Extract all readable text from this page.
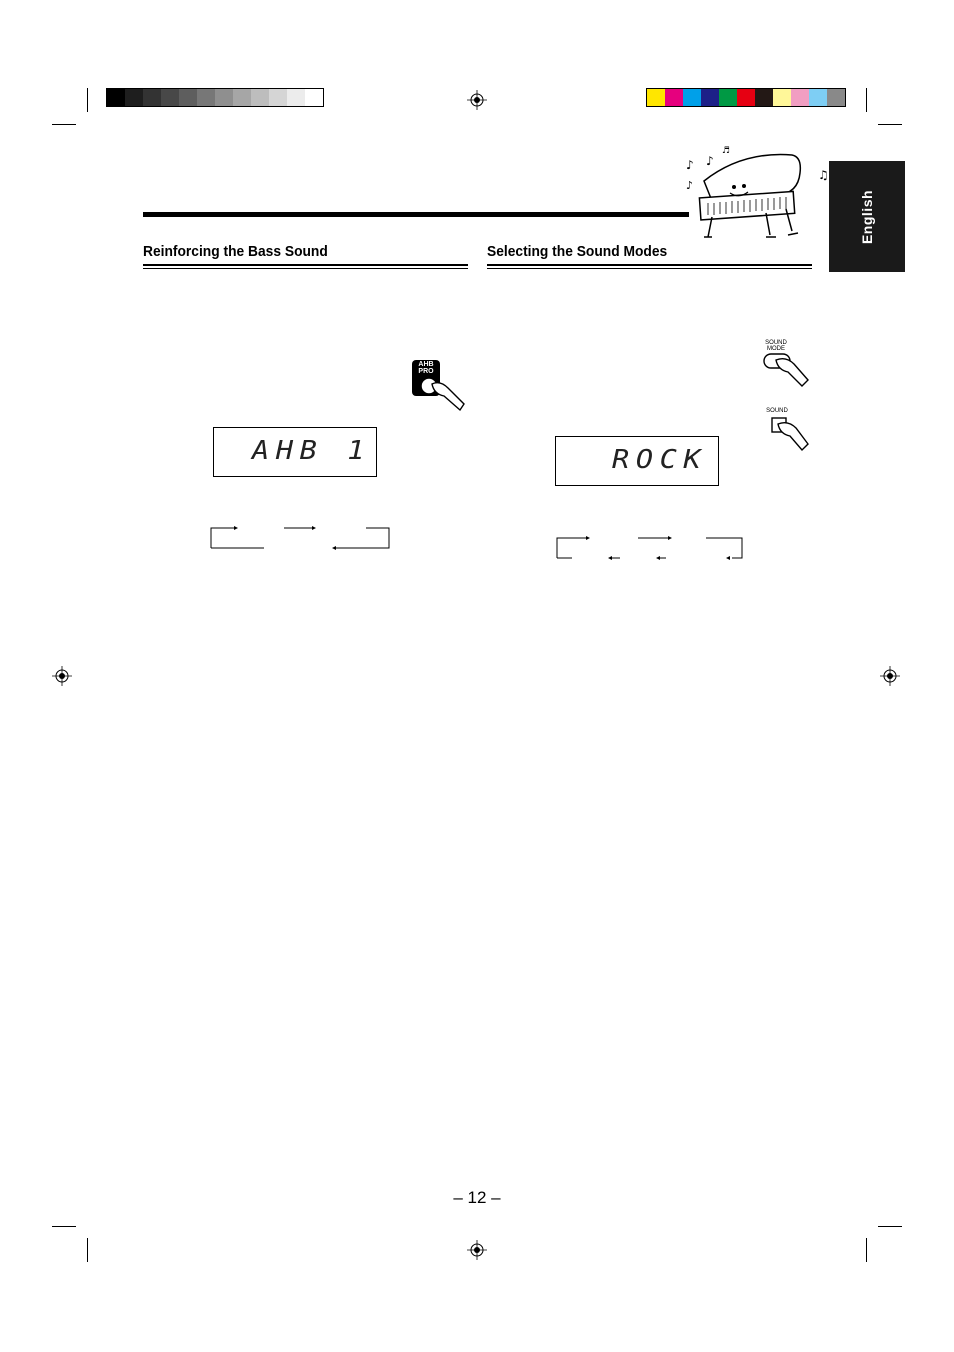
♪ ♪
♫
♬
♪
English
Reinforcing the Bass Sound
AHB PRO
AHB 1
Selecting the Sound Modes
SOUND MODE
SOUND
ROCK
– 12 –
